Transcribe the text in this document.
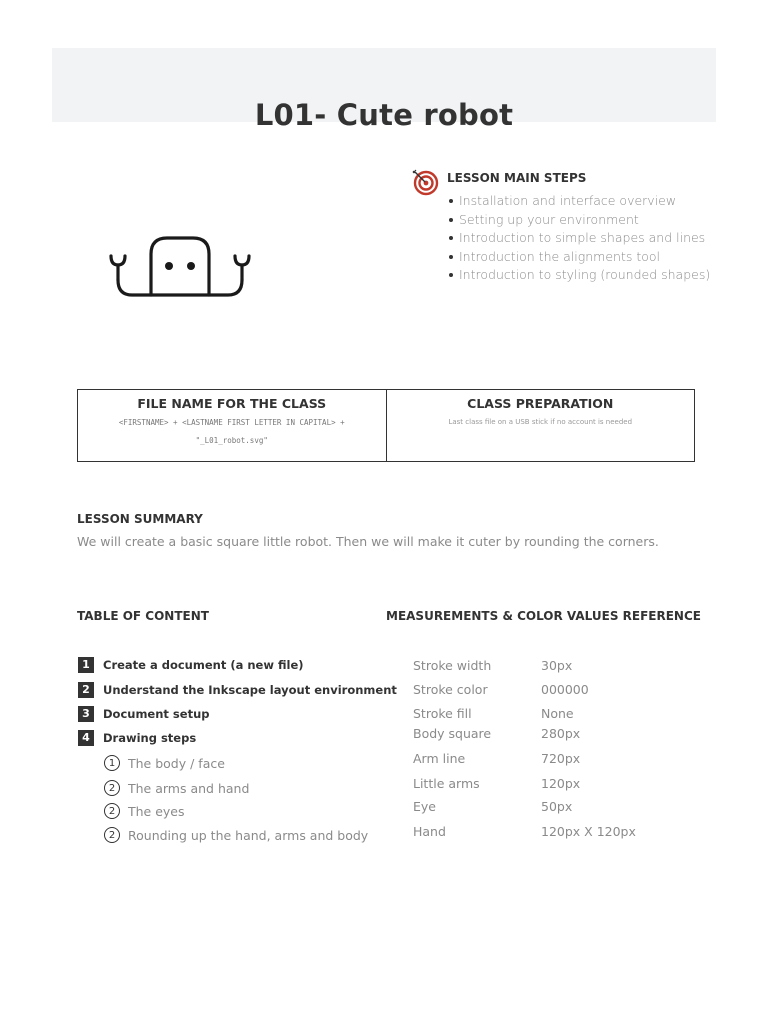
L01- Cute robot
LESSON MAIN STEPS
Installation and interface overview
Setting up your environment
Introduction to simple shapes and lines
Introduction the alignments tool
Introduction to styling (rounded shapes)
FILE NAME FOR THE CLASS
<FIRSTNAME> + <LASTNAME FIRST LETTER IN CAPITAL> +
"_L01_robot.svg"
CLASS PREPARATION
Last class file on a USB stick if no account is needed
LESSON SUMMARY
We will create a basic square little robot. Then we will make it cuter by rounding the corners.
TABLE OF CONTENT
1	Create a document (a new file)
2	Understand the Inkscape layout environment
3	Document setup
4	Drawing steps
1	The body / face
2	The arms and hand
2	The eyes
2	Rounding up the hand, arms and body
MEASUREMENTS & COLOR VALUES REFERENCE
Stroke width	30px
Stroke color	000000
Stroke fill	None
Body square	280px
Arm line	720px
Little arms	120px
Eye	50px
Hand	120px X 120px
